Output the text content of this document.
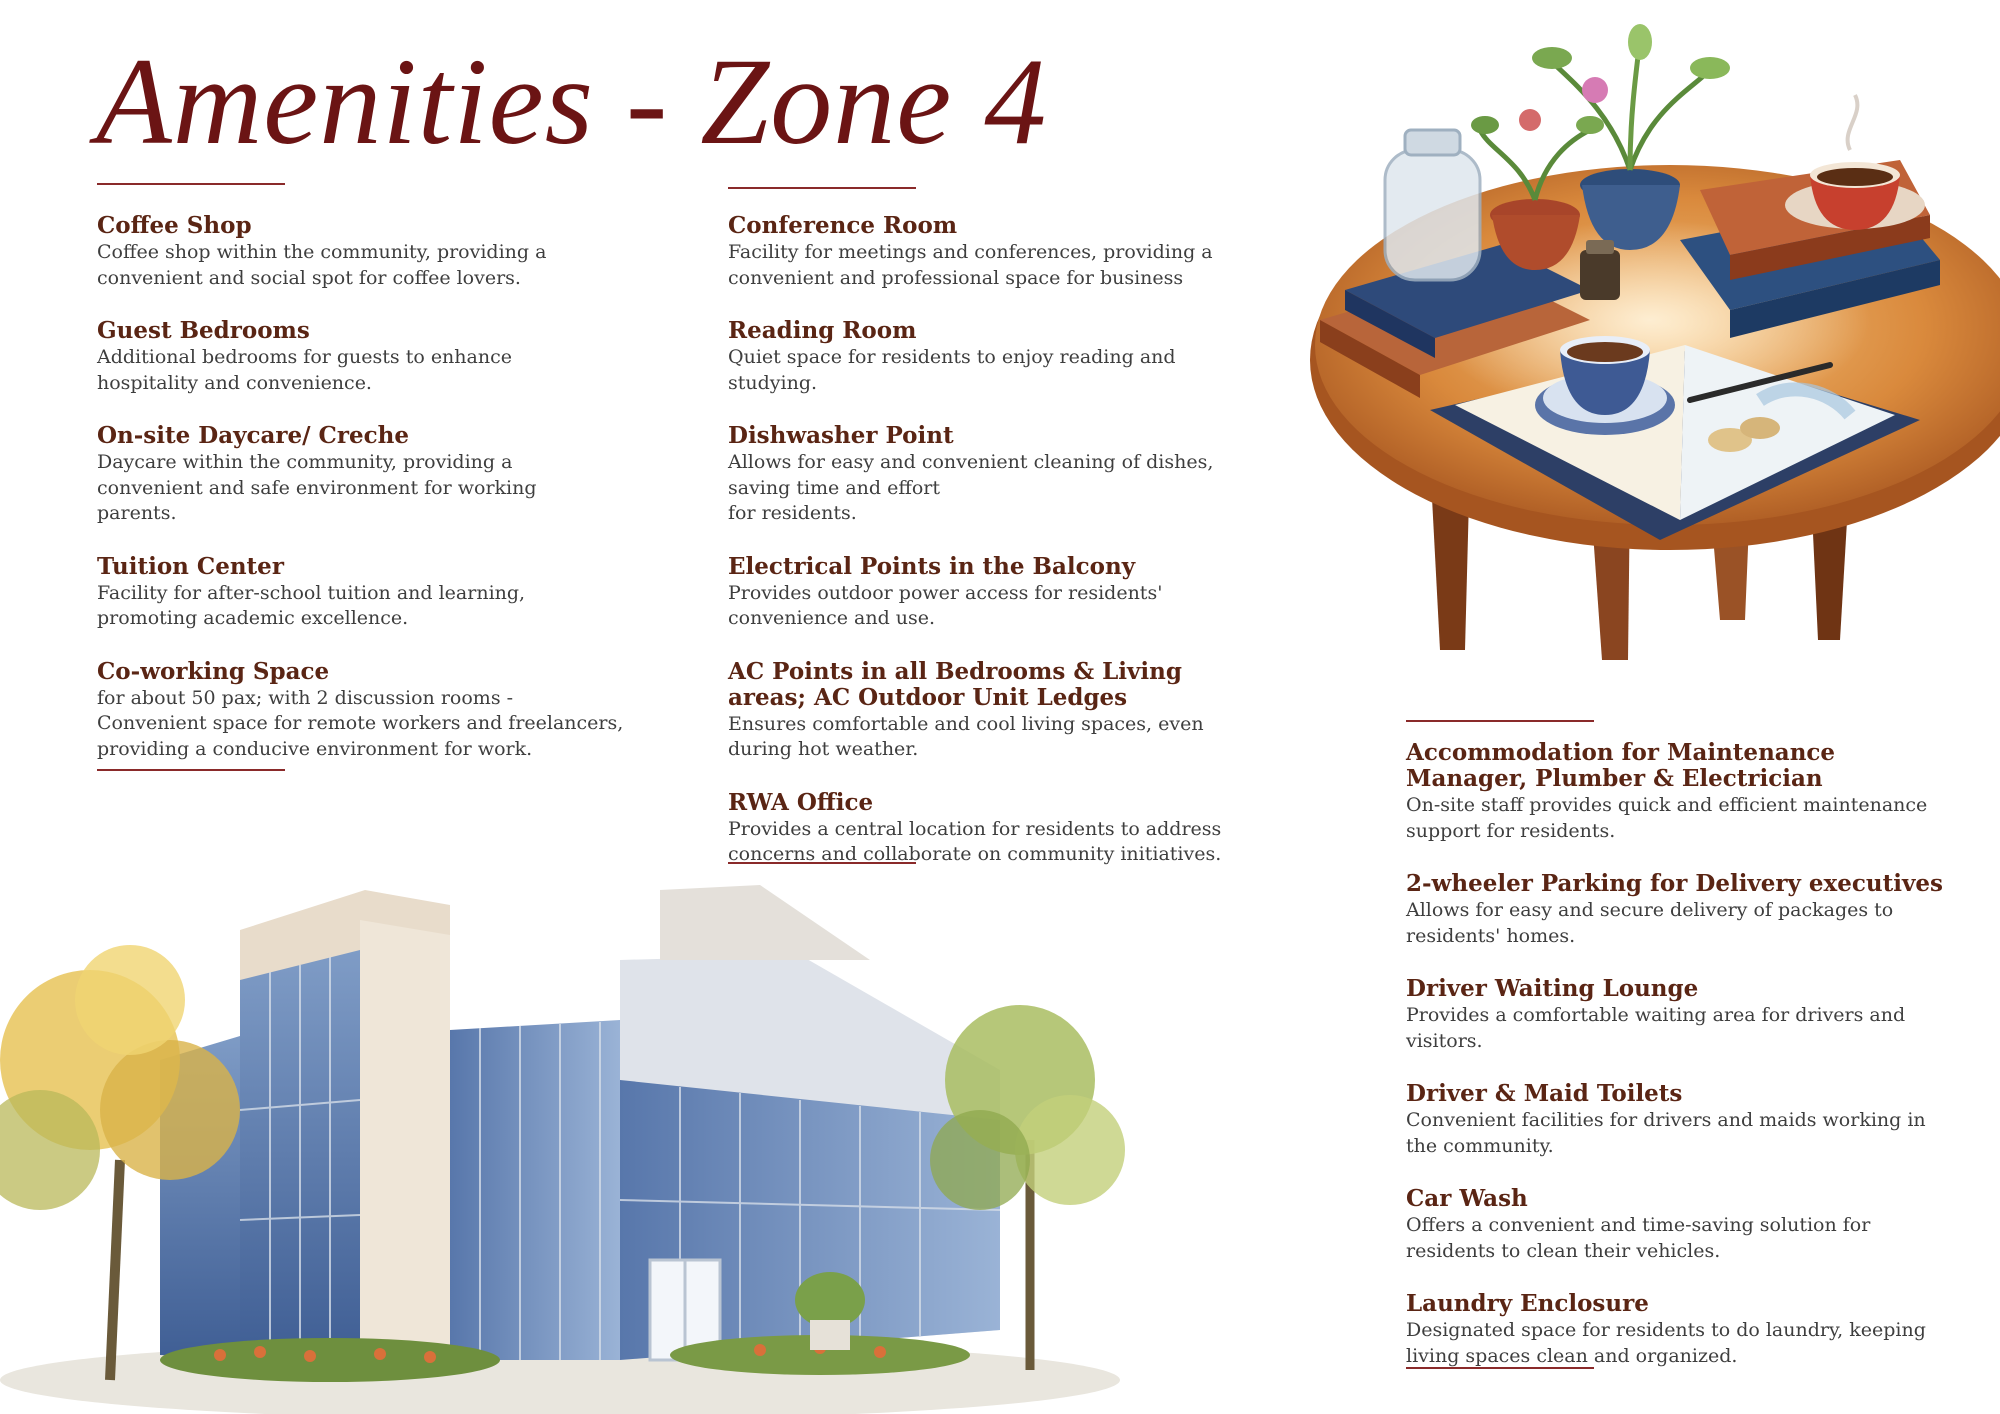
Amenities - Zone 4
Coffee Shop

Coffee shop within the community, providing a
convenient and social spot for coffee lovers.

Guest Bedrooms

Additional bedrooms for guests to enhance
hospitality and convenience.

On-site Daycare/ Creche

Daycare within the community, providing a
convenient and safe environment for working
parents.

Tuition Center

Facility for after-school tuition and learning,
promoting academic excellence.

Co-working Space

for about 50 pax; with 2 discussion rooms -
Convenient space for remote workers and freelancers,
providing a conducive environment for work.

Conference Room

Facility for meetings and conferences, providing a
convenient and professional space for business

Reading Room

Quiet space for residents to enjoy reading and
studying.

Dishwasher Point

Allows for easy and convenient cleaning of dishes,
saving time and effort
for residents.

Electrical Points in the Balcony

Provides outdoor power access for residents'
convenience and use.

AC Points in all Bedrooms & Living
areas; AC Outdoor Unit Ledges

Ensures comfortable and cool living spaces, even
during hot weather.

RWA Office

Provides a central location for residents to address
concerns and collaborate on community initiatives.

Accommodation for Maintenance
Manager, Plumber & Electrician

On-site staff provides quick and efficient maintenance
support for residents.

2-wheeler Parking for Delivery executives

Allows for easy and secure delivery of packages to
residents' homes.

Driver Waiting Lounge

Provides a comfortable waiting area for drivers and
visitors.

Driver & Maid Toilets

Convenient facilities for drivers and maids working in
the community.

Car Wash

Offers a convenient and time-saving solution for
residents to clean their vehicles.

Laundry Enclosure

Designated space for residents to do laundry, keeping
living spaces clean and organized.
